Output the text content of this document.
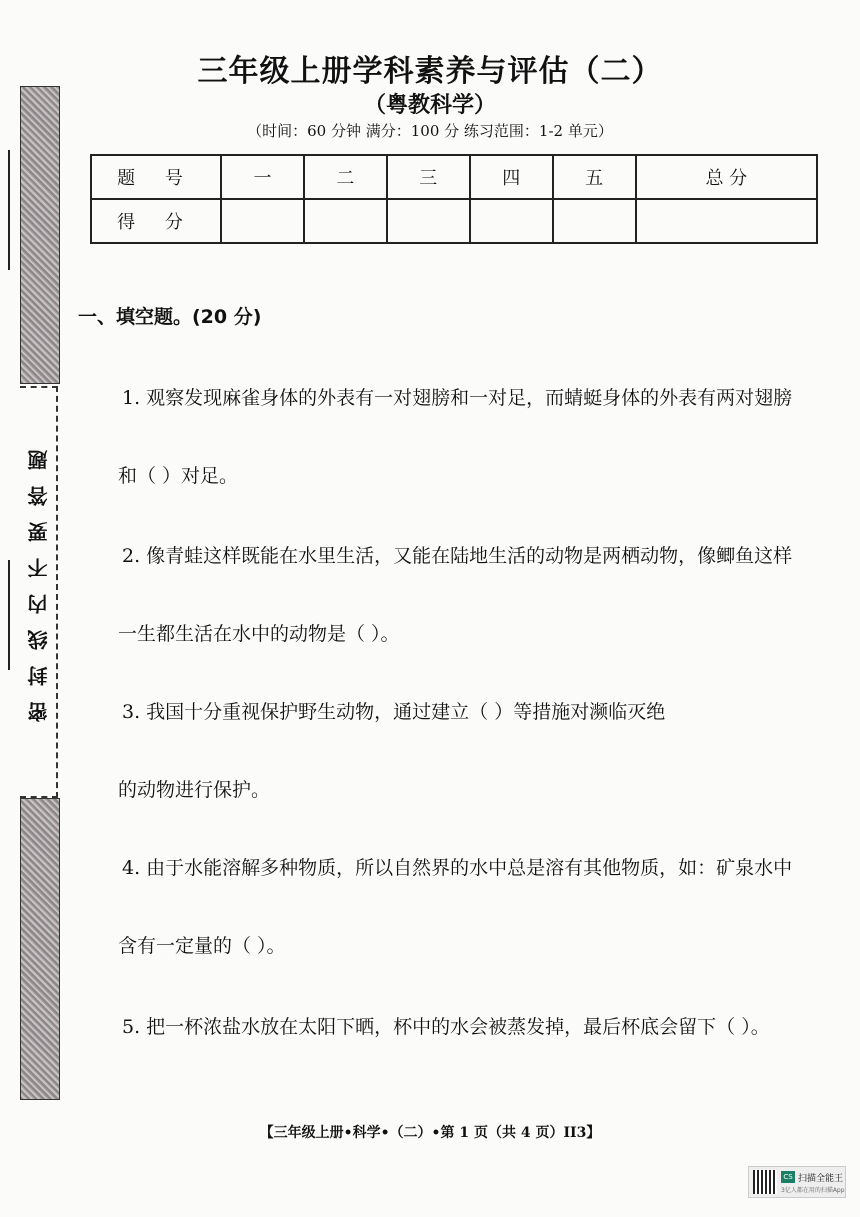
密封线内不要答题
三年级上册学科素养与评估（二）
（粤教科学）
（时间：60 分钟 满分：100 分 练习范围：1-2 单元）
题 号	一	二	三	四	五	总 分
得 分						
一、填空题。(20 分)
1. 观察发现麻雀身体的外表有一对翅膀和一对足，而蜻蜓身体的外表有两对翅膀
和（ ）对足。
2. 像青蛙这样既能在水里生活，又能在陆地生活的动物是两栖动物，像鲫鱼这样
一生都生活在水中的动物是（ ）。
3. 我国十分重视保护野生动物，通过建立（ ）等措施对濒临灭绝
的动物进行保护。
4. 由于水能溶解多种物质，所以自然界的水中总是溶有其他物质，如：矿泉水中
含有一定量的（ ）。
5. 把一杯浓盐水放在太阳下晒，杯中的水会被蒸发掉，最后杯底会留下（ ）。
【三年级上册•科学•（二）•第 1 页（共 4 页）II3】
CS 扫描全能王
3亿人都在用的扫描App
